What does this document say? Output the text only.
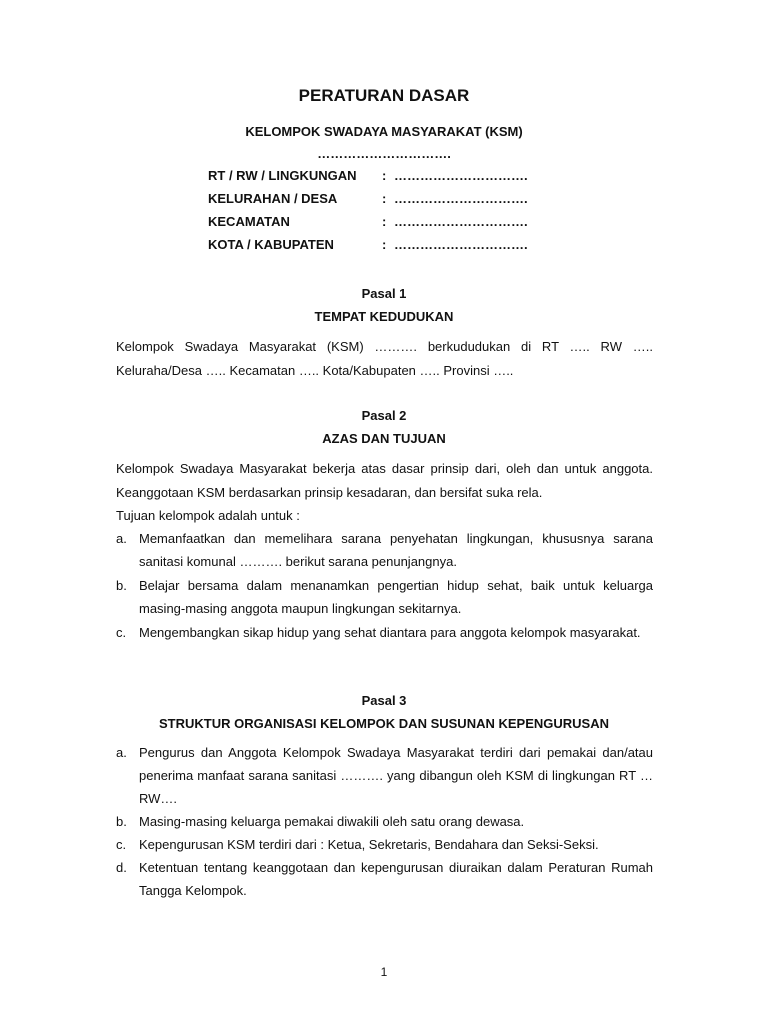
PERATURAN DASAR
KELOMPOK SWADAYA MASYARAKAT (KSM)
………………………….
RT / RW / LINGKUNGAN : ………………………….
KELURAHAN / DESA	: ………………………….
KECAMATAN	: ………………………….
KOTA / KABUPATEN	: ………………………….
Pasal 1
TEMPAT KEDUDUKAN
Kelompok Swadaya Masyarakat (KSM) ………. berkududukan di RT ….. RW ….. Keluraha/Desa ….. Kecamatan ….. Kota/Kabupaten ….. Provinsi …..
Pasal 2
AZAS DAN TUJUAN
Kelompok Swadaya Masyarakat bekerja atas dasar prinsip dari, oleh dan untuk anggota. Keanggotaan KSM berdasarkan prinsip kesadaran, dan bersifat suka rela.
Tujuan kelompok adalah untuk :
a. Memanfaatkan dan memelihara sarana penyehatan lingkungan, khususnya sarana sanitasi komunal ………. berikut sarana penunjangnya.
b. Belajar bersama dalam menanamkan pengertian hidup sehat, baik untuk keluarga masing-masing anggota maupun lingkungan sekitarnya.
c. Mengembangkan sikap hidup yang sehat diantara para anggota kelompok masyarakat.
Pasal 3
STRUKTUR ORGANISASI KELOMPOK DAN SUSUNAN KEPENGURUSAN
a. Pengurus dan Anggota Kelompok Swadaya Masyarakat terdiri dari pemakai dan/atau penerima manfaat sarana sanitasi ………. yang dibangun oleh KSM di lingkungan RT … RW….
b. Masing-masing keluarga pemakai diwakili oleh satu orang dewasa.
c. Kepengurusan KSM terdiri dari : Ketua, Sekretaris, Bendahara dan Seksi-Seksi.
d. Ketentuan tentang keanggotaan dan kepengurusan diuraikan dalam Peraturan Rumah Tangga Kelompok.
1
